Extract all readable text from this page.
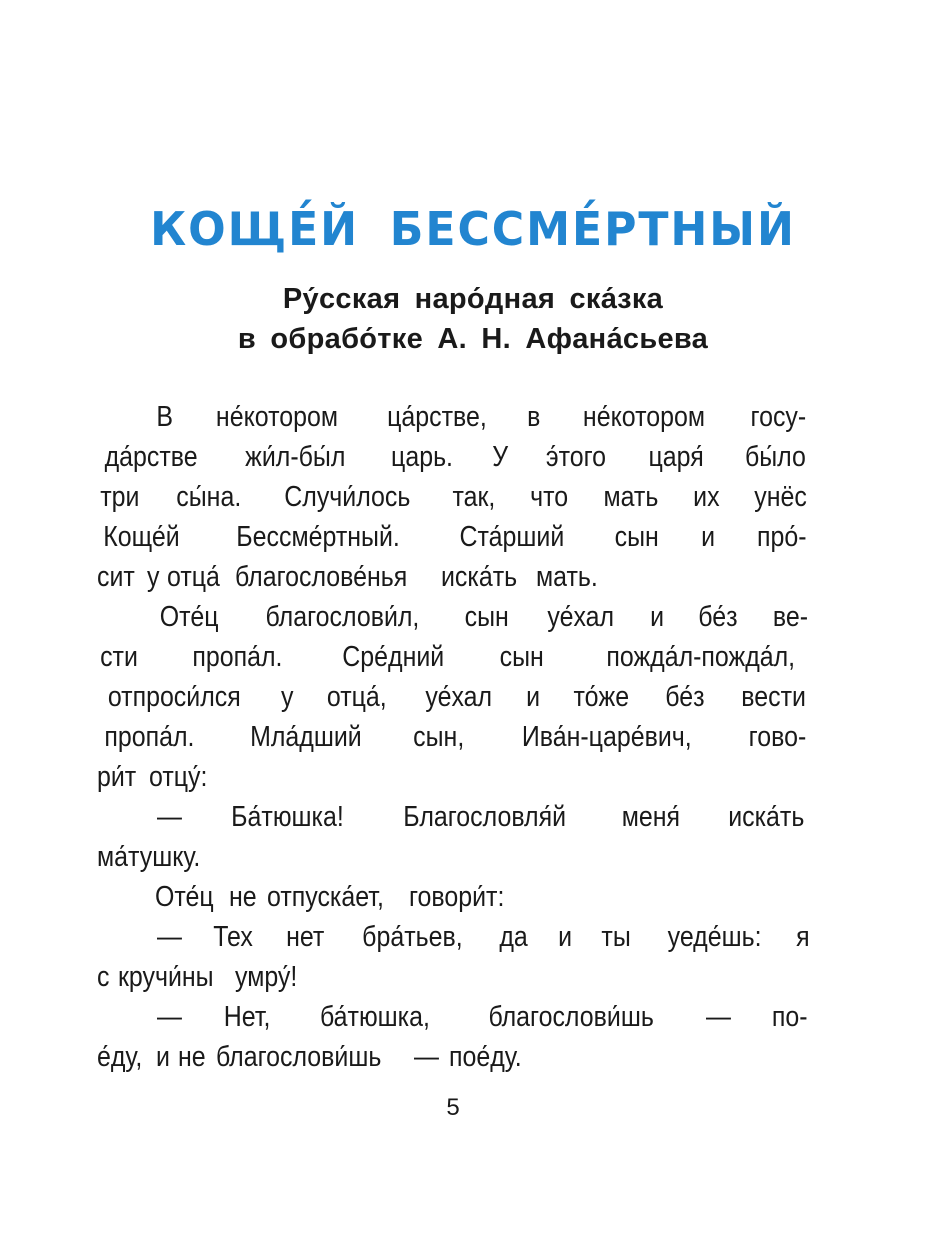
КОЩЕ́Й БЕССМЕ́РТНЫЙ
Ру́сская наро́дная ска́зка
в обрабо́тке А. Н. Афана́сьева
В не́котором ца́рстве, в не́котором госу-
да́рстве жи́л-бы́л царь. У э́того царя́ бы́ло
три сы́на. Случи́лось так, что мать их унёс
Коще́й Бессме́ртный. Ста́рший сын и про́-
сит у отца́ благослове́нья иска́ть мать.
Оте́ц благослови́л, сын уе́хал и бе́з ве-
сти пропа́л. Сре́дний сын пожда́л-пожда́л,
отпроси́лся у отца́, уе́хал и то́же бе́з вести
пропа́л. Мла́дший сын, Ива́н-царе́вич, гово-
ри́т отцу́:
— Ба́тюшка! Благословля́й меня́ иска́ть
ма́тушку.
Оте́ц не отпуска́ет, говори́т:
— Тех нет бра́тьев, да и ты уеде́шь: я
с кручи́ны умру́!
— Нет, ба́тюшка, благослови́шь — по-
е́ду, и не благослови́шь — пое́ду.
5
